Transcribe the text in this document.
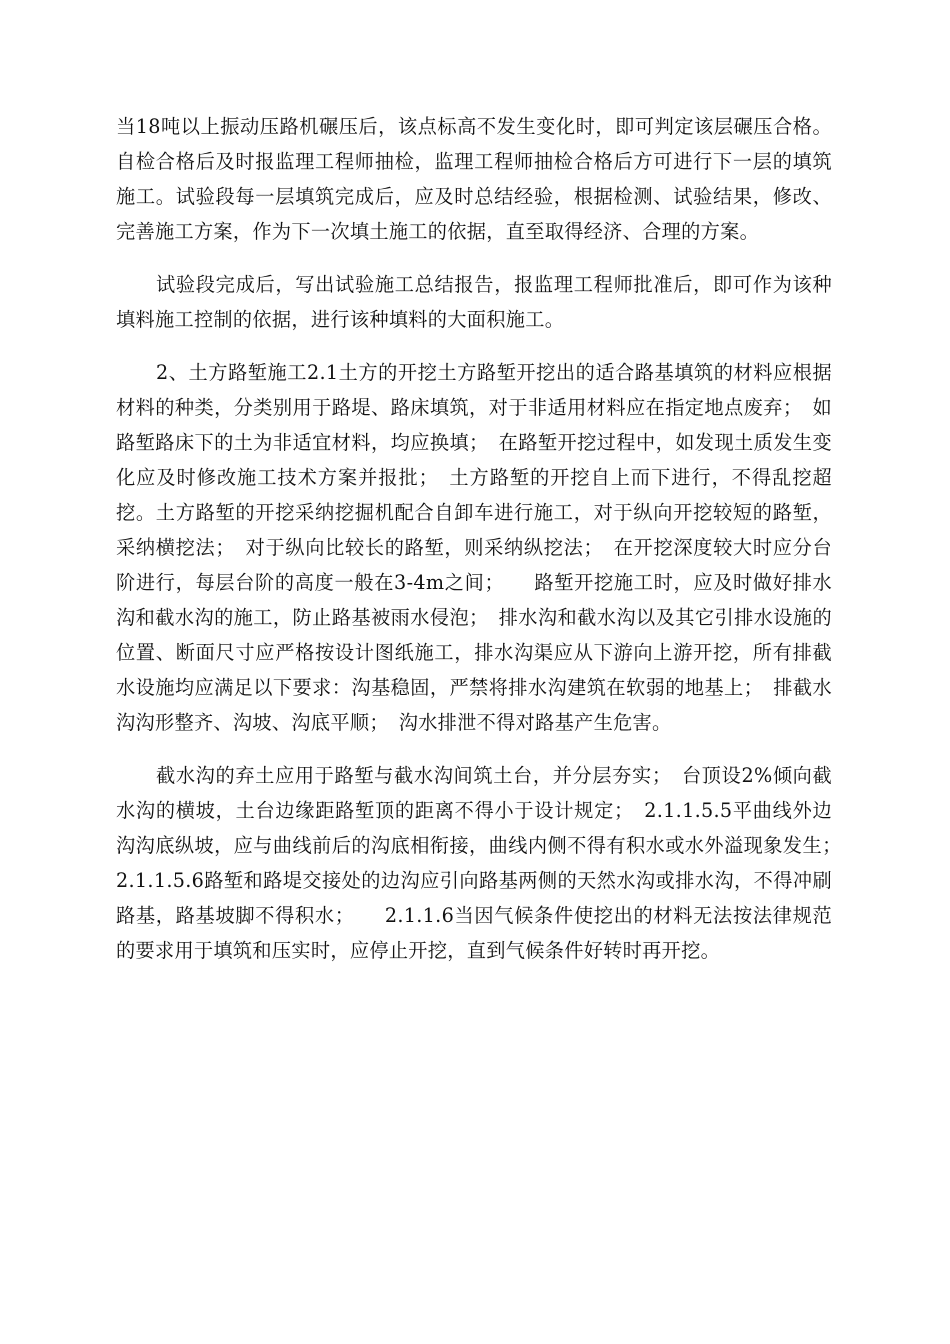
当18吨以上振动压路机碾压后，该点标高不发生变化时，即可判定该层碾压合格。自检合格后及时报监理工程师抽检，监理工程师抽检合格后方可进行下一层的填筑施工。试验段每一层填筑完成后，应及时总结经验，根据检测、试验结果，修改、完善施工方案，作为下一次填土施工的依据，直至取得经济、合理的方案。

试验段完成后，写出试验施工总结报告，报监理工程师批准后，即可作为该种填料施工控制的依据，进行该种填料的大面积施工。

2、土方路堑施工2.1土方的开挖土方路堑开挖出的适合路基填筑的材料应根据材料的种类，分类别用于路堤、路床填筑，对于非适用材料应在指定地点废弃；　如路堑路床下的土为非适宜材料，均应换填；　在路堑开挖过程中，如发现土质发生变化应及时修改施工技术方案并报批；　土方路堑的开挖自上而下进行，不得乱挖超挖。土方路堑的开挖采纳挖掘机配合自卸车进行施工，对于纵向开挖较短的路堑，采纳横挖法；　对于纵向比较长的路堑，则采纳纵挖法；　在开挖深度较大时应分台阶进行，每层台阶的高度一般在3-4m之间；　　路堑开挖施工时，应及时做好排水沟和截水沟的施工，防止路基被雨水侵泡；　排水沟和截水沟以及其它引排水设施的位置、断面尺寸应严格按设计图纸施工，排水沟渠应从下游向上游开挖，所有排截水设施均应满足以下要求：沟基稳固，严禁将排水沟建筑在软弱的地基上；　排截水沟沟形整齐、沟坡、沟底平顺；　沟水排泄不得对路基产生危害。

截水沟的弃土应用于路堑与截水沟间筑土台，并分层夯实；　台顶设2%倾向截水沟的横坡，土台边缘距路堑顶的距离不得小于设计规定；　2.1.1.5.5平曲线外边沟沟底纵坡，应与曲线前后的沟底相衔接，曲线内侧不得有积水或水外溢现象发生；　　2.1.1.5.6路堑和路堤交接处的边沟应引向路基两侧的天然水沟或排水沟，不得冲刷路基，路基坡脚不得积水；　　2.1.1.6当因气候条件使挖出的材料无法按法律规范的要求用于填筑和压实时，应停止开挖，直到气候条件好转时再开挖。
